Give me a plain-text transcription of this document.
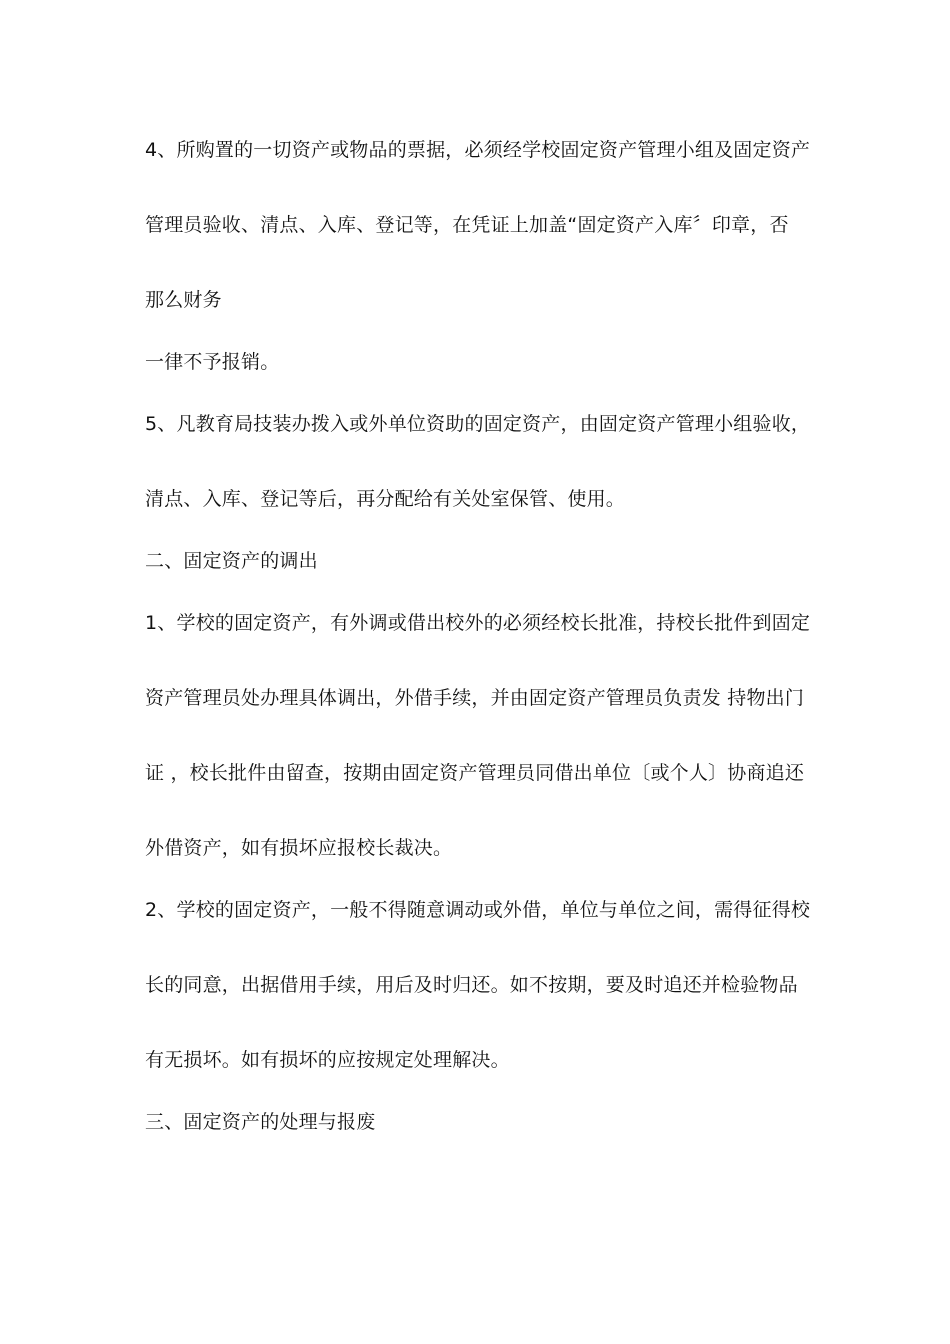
4、所购置的一切资产或物品的票据，必须经学校固定资产管理小组及固定资产
管理员验收、清点、入库、登记等，在凭证上加盖“固定资产入库〞印章，否
那么财务
一律不予报销。
5、凡教育局技装办拨入或外单位资助的固定资产，由固定资产管理小组验收，
清点、入库、登记等后，再分配给有关处室保管、使用。
二、固定资产的调出
1、学校的固定资产，有外调或借出校外的必须经校长批准，持校长批件到固定
资产管理员处办理具体调出，外借手续，并由固定资产管理员负责发 持物出门
证 ，校长批件由留查，按期由固定资产管理员同借出单位〔或个人〕协商追还
外借资产，如有损坏应报校长裁决。
2、学校的固定资产，一般不得随意调动或外借，单位与单位之间，需得征得校
长的同意，出据借用手续，用后及时归还。如不按期，要及时追还并检验物品
有无损坏。如有损坏的应按规定处理解决。
三、固定资产的处理与报废
